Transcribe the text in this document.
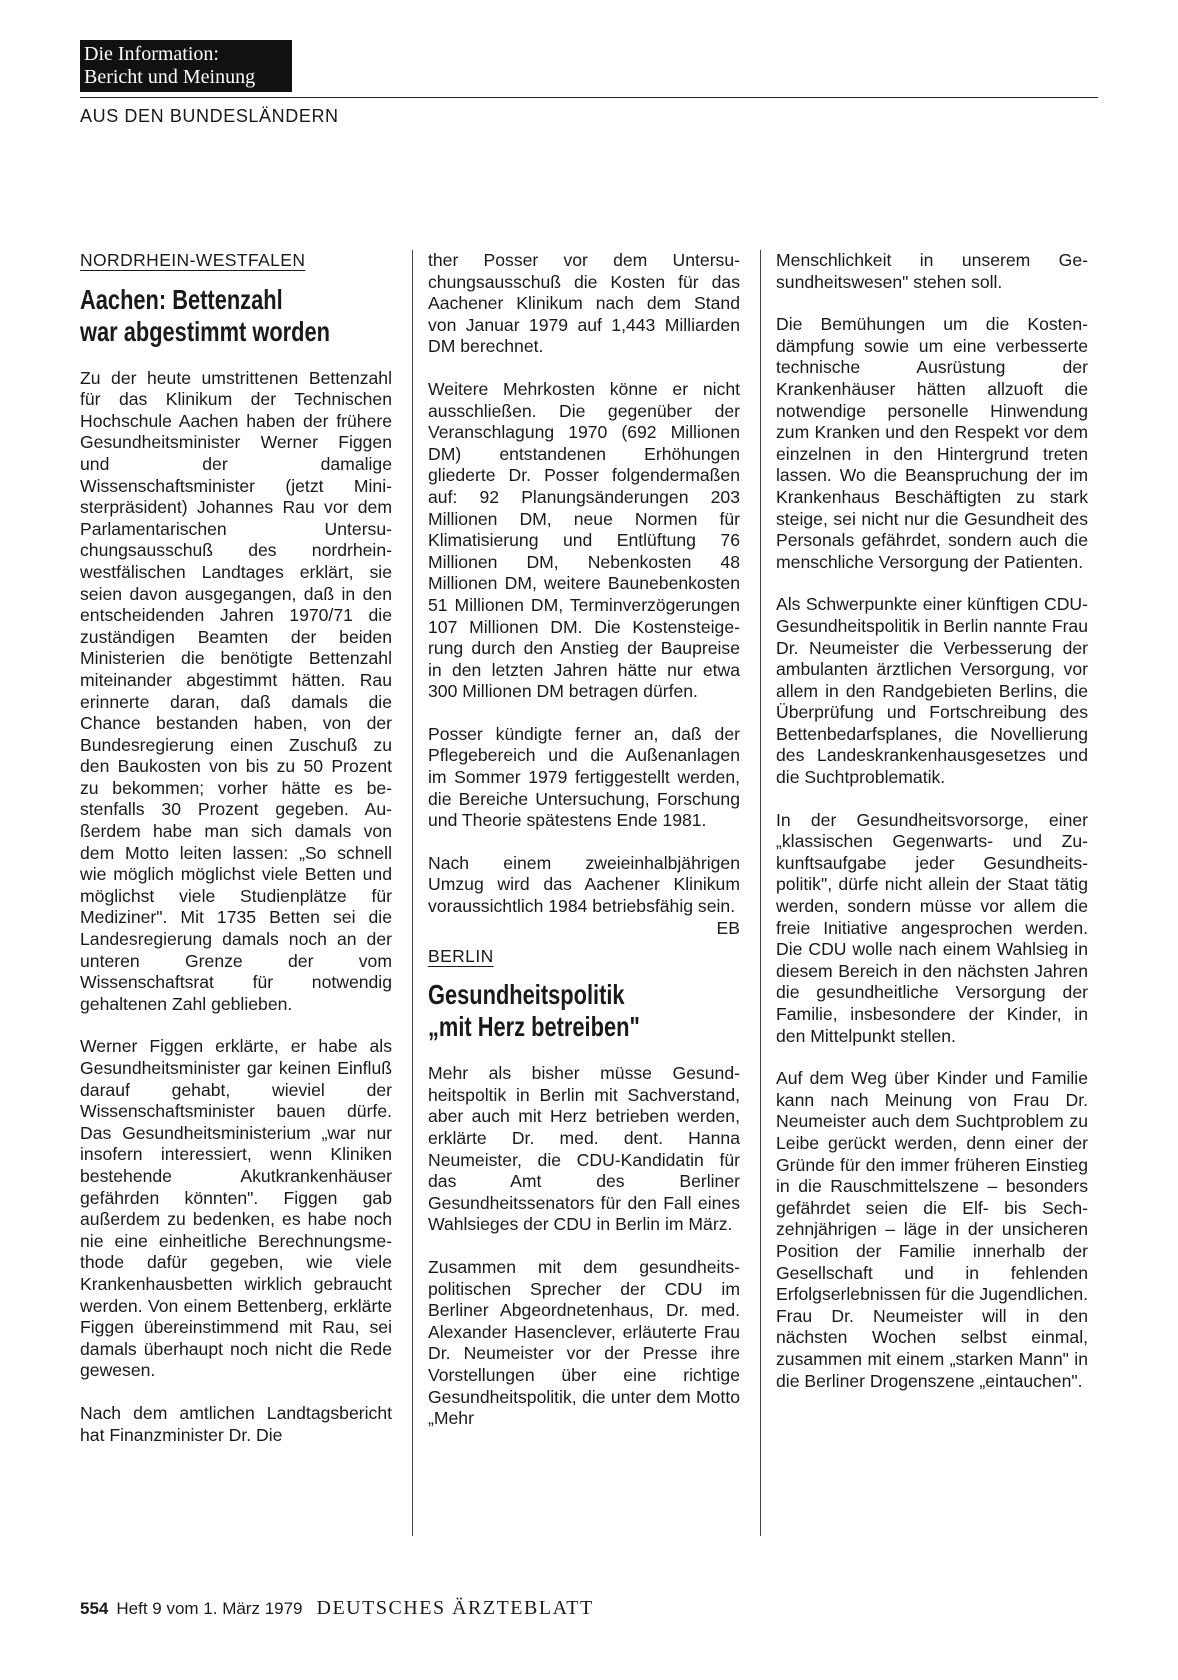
Die Information:
Bericht und Meinung
AUS DEN BUNDESLÄNDERN
NORDRHEIN-WESTFALEN
Aachen: Bettenzahl
war abgestimmt worden

Zu der heute umstrittenen Bettenzahl für das Klinikum der Technischen Hochschule Aachen haben der frühere Gesundheitsminister Werner Figgen und der damalige Wissenschaftsminister (jetzt Ministerpräsident) Johannes Rau vor dem Parlamentarischen Untersuchungsausschuß des nordrheinwestfälischen Landtages erklärt, sie seien davon ausgegangen, daß in den entscheidenden Jahren 1970/71 die zuständigen Beamten der beiden Ministerien die benötigte Bettenzahl miteinander abgestimmt hätten. Rau erinnerte daran, daß damals die Chance bestanden haben, von der Bundesregierung einen Zuschuß zu den Baukosten von bis zu 50 Prozent zu bekommen; vorher hätte es bestenfalls 30 Prozent gegeben. Außerdem habe man sich damals von dem Motto leiten lassen: „So schnell wie möglich möglichst viele Betten und möglichst viele Studienplätze für Mediziner". Mit 1735 Betten sei die Landesregierung damals noch an der unteren Grenze der vom Wissenschaftsrat für notwendig gehaltenen Zahl geblieben.

Werner Figgen erklärte, er habe als Gesundheitsminister gar keinen Einfluß darauf gehabt, wieviel der Wissenschaftsminister bauen dürfe. Das Gesundheitsministerium „war nur insofern interessiert, wenn Kliniken bestehende Akutkrankenhäuser gefährden könnten". Figgen gab außerdem zu bedenken, es habe noch nie eine einheitliche Berechnungsmethode dafür gegeben, wie viele Krankenhausbetten wirklich gebraucht werden. Von einem Bettenberg, erklärte Figgen übereinstimmend mit Rau, sei damals überhaupt noch nicht die Rede gewesen.

Nach dem amtlichen Landtagsbericht hat Finanzminister Dr. Die

ther Posser vor dem Untersuchungsausschuß die Kosten für das Aachener Klinikum nach dem Stand von Januar 1979 auf 1,443 Milliarden DM berechnet.

Weitere Mehrkosten könne er nicht ausschließen. Die gegenüber der Veranschlagung 1970 (692 Millionen DM) entstandenen Erhöhungen gliederte Dr. Posser folgendermaßen auf: 92 Planungsänderungen 203 Millionen DM, neue Normen für Klimatisierung und Entlüftung 76 Millionen DM, Nebenkosten 48 Millionen DM, weitere Baunebenkosten 51 Millionen DM, Terminverzögerungen 107 Millionen DM. Die Kostensteigerung durch den Anstieg der Baupreise in den letzten Jahren hätte nur etwa 300 Millionen DM betragen dürfen.

Posser kündigte ferner an, daß der Pflegebereich und die Außenanlagen im Sommer 1979 fertiggestellt werden, die Bereiche Untersuchung, Forschung und Theorie spätestens Ende 1981.

Nach einem zweieinhalbjährigen Umzug wird das Aachener Klinikum voraussichtlich 1984 betriebsfähig sein.
EB

BERLIN
Gesundheitspolitik
„mit Herz betreiben"

Mehr als bisher müsse Gesundheitspoltik in Berlin mit Sachverstand, aber auch mit Herz betrieben werden, erklärte Dr. med. dent. Hanna Neumeister, die CDU-Kandidatin für das Amt des Berliner Gesundheitssenators für den Fall eines Wahlsieges der CDU in Berlin im März.

Zusammen mit dem gesundheitspolitischen Sprecher der CDU im Berliner Abgeordnetenhaus, Dr. med. Alexander Hasenclever, erläuterte Frau Dr. Neumeister vor der Presse ihre Vorstellungen über eine richtige Gesundheitspolitik, die unter dem Motto „Mehr

Menschlichkeit in unserem Gesundheitswesen" stehen soll.

Die Bemühungen um die Kostendämpfung sowie um eine verbesserte technische Ausrüstung der Krankenhäuser hätten allzuoft die notwendige personelle Hinwendung zum Kranken und den Respekt vor dem einzelnen in den Hintergrund treten lassen. Wo die Beanspruchung der im Krankenhaus Beschäftigten zu stark steige, sei nicht nur die Gesundheit des Personals gefährdet, sondern auch die menschliche Versorgung der Patienten.

Als Schwerpunkte einer künftigen CDU-Gesundheitspolitik in Berlin nannte Frau Dr. Neumeister die Verbesserung der ambulanten ärztlichen Versorgung, vor allem in den Randgebieten Berlins, die Überprüfung und Fortschreibung des Bettenbedarfsplanes, die Novellierung des Landeskrankenhausgesetzes und die Suchtproblematik.

In der Gesundheitsvorsorge, einer „klassischen Gegenwarts- und Zukunftsaufgabe jeder Gesundheitspolitik", dürfe nicht allein der Staat tätig werden, sondern müsse vor allem die freie Initiative angesprochen werden. Die CDU wolle nach einem Wahlsieg in diesem Bereich in den nächsten Jahren die gesundheitliche Versorgung der Familie, insbesondere der Kinder, in den Mittelpunkt stellen.

Auf dem Weg über Kinder und Familie kann nach Meinung von Frau Dr. Neumeister auch dem Suchtproblem zu Leibe gerückt werden, denn einer der Gründe für den immer früheren Einstieg in die Rauschmittelszene – besonders gefährdet seien die Elf- bis Sechzehnjährigen – läge in der unsicheren Position der Familie innerhalb der Gesellschaft und in fehlenden Erfolgserlebnissen für die Jugendlichen. Frau Dr. Neumeister will in den nächsten Wochen selbst einmal, zusammen mit einem „starken Mann" in die Berliner Drogenszene „eintauchen".

554 Heft 9 vom 1. März 1979 DEUTSCHES ÄRZTEBLATT
